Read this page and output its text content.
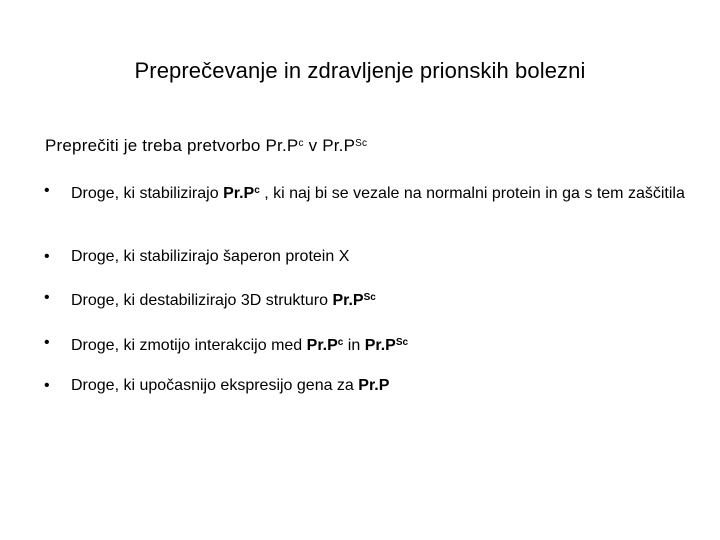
Preprečevanje in zdravljenje prionskih bolezni
Preprečiti je treba pretvorbo $Pr.P^c$ v $Pr.P^{Sc}$
• Droge, ki stabilizirajo $Pr.P^c$ , ki naj bi se vezale na normalni protein in ga s tem zaščitila
• Droge, ki stabilizirajo šaperon protein X
• Droge, ki destabilizirajo 3D strukturo $Pr.P^{Sc}$
• Droge, ki zmotijo interakcijo med $Pr.P^c$ in $Pr.P^{Sc}$
• Droge, ki upočasnijo ekspresijo gena za Pr.P
